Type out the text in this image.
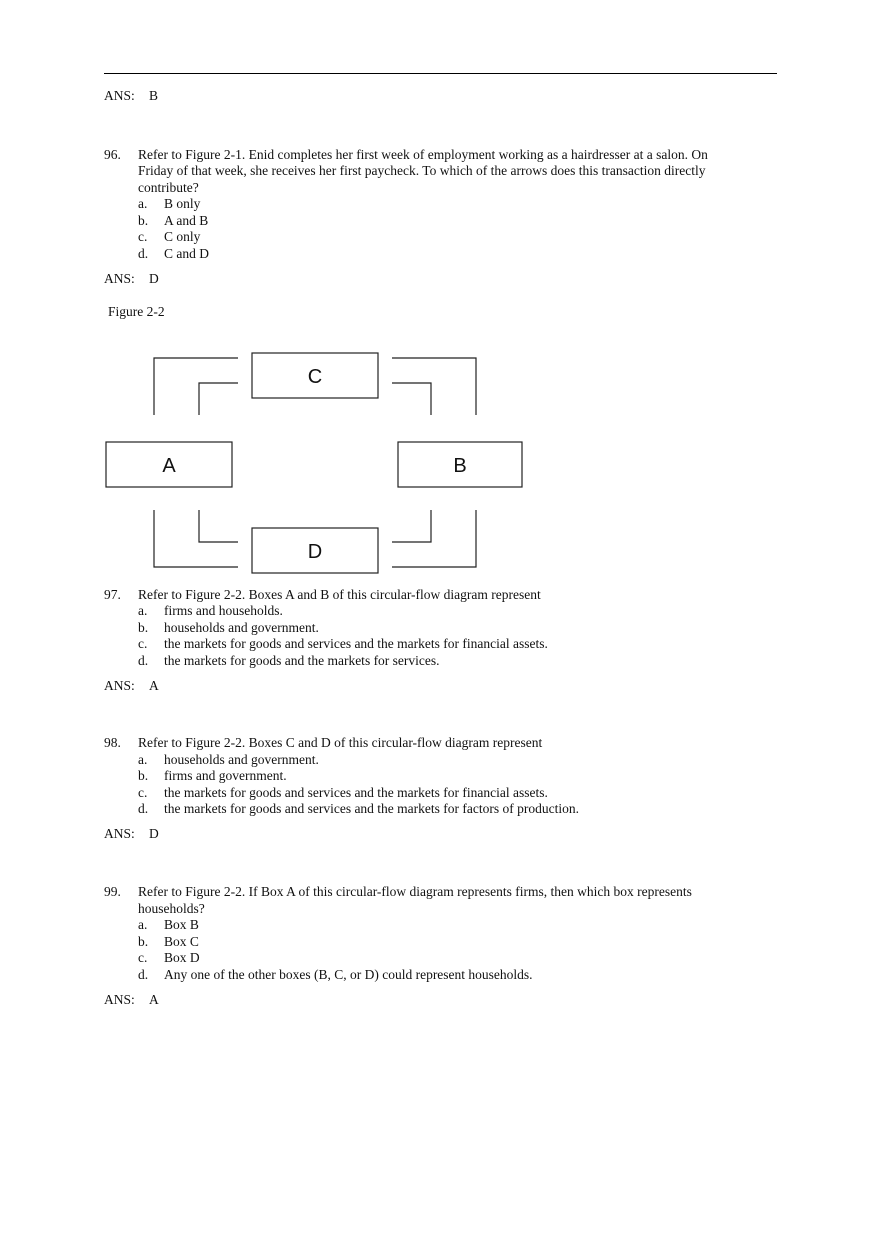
ANS: B
96. Refer to Figure 2-1. Enid completes her first week of employment working as a hairdresser at a salon. On
Friday of that week, she receives her first paycheck. To which of the arrows does this transaction directly
contribute?
a. B only
b. A and B
c. C only
d. C and D
ANS: D
Figure 2-2
C
A	B
D
97. Refer to Figure 2-2. Boxes A and B of this circular-flow diagram represent
a. firms and households.
b. households and government.
c. the markets for goods and services and the markets for financial assets.
d. the markets for goods and the markets for services.
ANS: A
98. Refer to Figure 2-2. Boxes C and D of this circular-flow diagram represent
a. households and government.
b. firms and government.
c. the markets for goods and services and the markets for financial assets.
d. the markets for goods and services and the markets for factors of production.
ANS: D
99. Refer to Figure 2-2. If Box A of this circular-flow diagram represents firms, then which box represents
households?
a. Box B
b. Box C
c. Box D
d. Any one of the other boxes (B, C, or D) could represent households.
ANS: A
